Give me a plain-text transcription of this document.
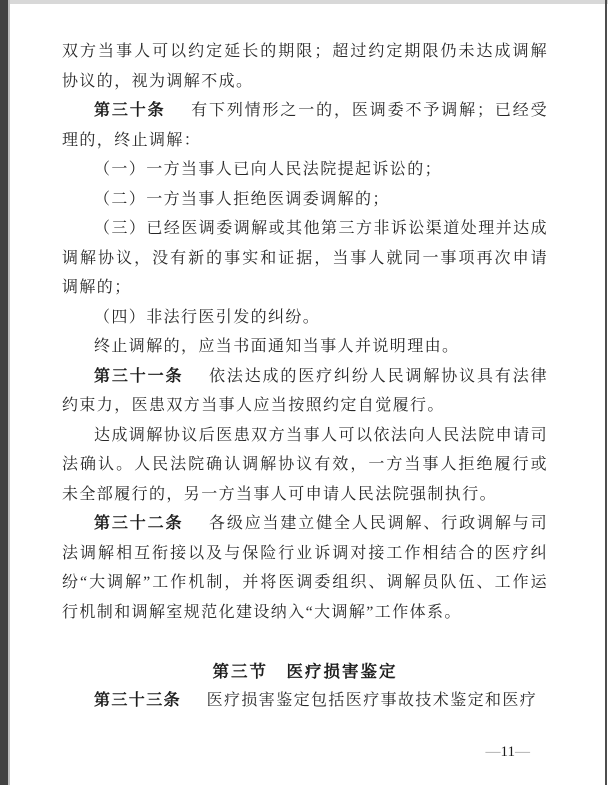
双方当事人可以约定延长的期限；超过约定期限仍未达成调解协议的，视为调解不成。

第三十条 有下列情形之一的，医调委不予调解；已经受理的，终止调解：

（一）一方当事人已向人民法院提起诉讼的；

（二）一方当事人拒绝医调委调解的；

（三）已经医调委调解或其他第三方非诉讼渠道处理并达成调解协议，没有新的事实和证据，当事人就同一事项再次申请调解的；

（四）非法行医引发的纠纷。

终止调解的，应当书面通知当事人并说明理由。

第三十一条 依法达成的医疗纠纷人民调解协议具有法律约束力，医患双方当事人应当按照约定自觉履行。

达成调解协议后医患双方当事人可以依法向人民法院申请司法确认。人民法院确认调解协议有效，一方当事人拒绝履行或未全部履行的，另一方当事人可申请人民法院强制执行。

第三十二条 各级应当建立健全人民调解、行政调解与司法调解相互衔接以及与保险行业诉调对接工作相结合的医疗纠纷“大调解”工作机制，并将医调委组织、调解员队伍、工作运行机制和调解室规范化建设纳入“大调解”工作体系。

第三节　医疗损害鉴定

第三十三条 医疗损害鉴定包括医疗事故技术鉴定和医疗

—11—
